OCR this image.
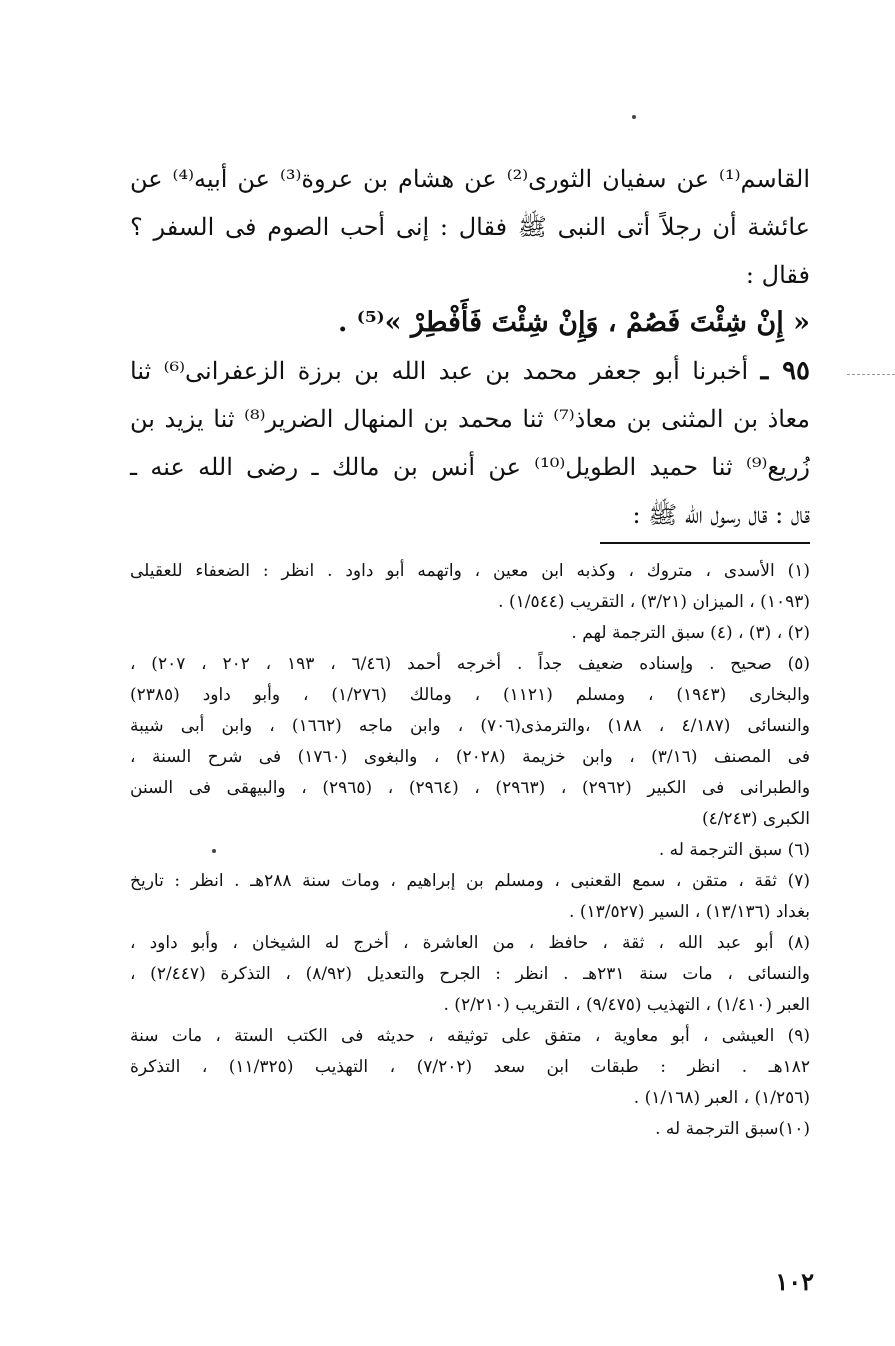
القاسم⁽¹⁾ عن سفيان الثورى⁽²⁾ عن هشام بن عروة⁽³⁾ عن أبيه⁽⁴⁾ عن
عائشة أن رجلاً أتى النبى ﷺ فقال : إنى أحب الصوم فى السفر ؟
فقال :
« إِنْ شِئْتَ فَصُمْ ، وَإِنْ شِئْتَ فَأَفْطِرْ »⁽⁵⁾ .
٩٥ ـ أخبرنا أبو جعفر محمد بن عبد الله بن برزة الزعفرانى⁽⁶⁾ ثنا
معاذ بن المثنى بن معاذ⁽⁷⁾ ثنا محمد بن المنهال الضرير⁽⁸⁾ ثنا يزيد بن
زُريع⁽⁹⁾ ثنا حميد الطويل⁽¹⁰⁾ عن أنس بن مالك ـ رضى الله عنه ـ
قال : قال رسول الله ﷺ :
(١) الأسدى ، متروك ، وكذبه ابن معين ، واتهمه أبو داود . انظر : الضعفاء للعقيلى
(١٠٩٣) ، الميزان (٣/٢١) ، التقريب (١/٥٤٤) .
(٢) ، (٣) ، (٤) سبق الترجمة لهم .
(٥) صحيح . وإسناده ضعيف جداً . أخرجه أحمد (٦/٤٦ ، ١٩٣ ، ٢٠٢ ، ٢٠٧) ،
والبخارى (١٩٤٣) ، ومسلم (١١٢١) ، ومالك (١/٢٧٦) ، وأبو داود (٢٣٨٥)
والنسائى (٤/١٨٧ ، ١٨٨) ،والترمذى(٧٠٦) ، وابن ماجه (١٦٦٢) ، وابن أبى شيبة
فى المصنف (٣/١٦) ، وابن خزيمة (٢٠٢٨) ، والبغوى (١٧٦٠) فى شرح السنة ،
والطبرانى فى الكبير (٢٩٦٢) ، (٢٩٦٣) ، (٢٩٦٤) ، (٢٩٦٥) ، والبيهقى فى السنن
الكبرى (٤/٢٤٣)
(٦) سبق الترجمة له .
(٧) ثقة ، متقن ، سمع القعنبى ، ومسلم بن إبراهيم ، ومات سنة ٢٨٨هـ . انظر : تاريخ
بغداد (١٣/١٣٦) ، السير (١٣/٥٢٧) .
(٨) أبو عبد الله ، ثقة ، حافظ ، من العاشرة ، أخرج له الشيخان ، وأبو داود ،
والنسائى ، مات سنة ٢٣١هـ . انظر : الجرح والتعديل (٨/٩٢) ، التذكرة (٢/٤٤٧) ،
العبر (١/٤١٠) ، التهذيب (٩/٤٧٥) ، التقريب (٢/٢١٠) .
(٩) العيشى ، أبو معاوية ، متفق على توثيقه ، حديثه فى الكتب الستة ، مات سنة
١٨٢هـ . انظر : طبقات ابن سعد (٧/٢٠٢) ، التهذيب (١١/٣٢٥) ، التذكرة
(١/٢٥٦) ، العبر (١/١٦٨) .
(١٠)سبق الترجمة له .
١٠٢
